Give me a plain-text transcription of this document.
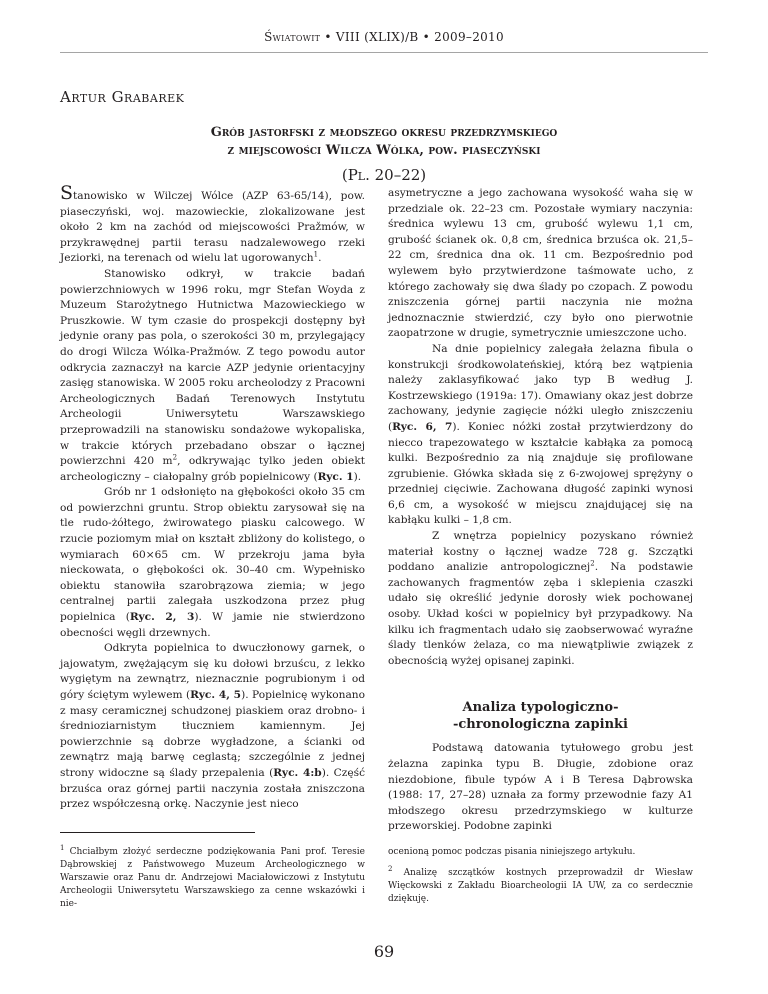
Światowit • VIII (XLIX)/B • 2009–2010
Artur Grabarek
Grób jastorfski z młodszego okresu przedrzymskiego
z miejscowości Wilcza Wólka, pow. piaseczyński
(Pl. 20–22)

Stanowisko w Wilczej Wólce (AZP 63-65/14), pow. piaseczyński, woj. mazowieckie, zlokalizowane jest około 2 km na zachód od miejscowości Pražmów, w przykrawędnej partii terasu nadzalewowego rzeki Jeziorki, na terenach od wielu lat ugorowanych$^1$.

Stanowisko odkrył, w trakcie badań powierzchniowych w 1996 roku, mgr Stefan Woyda z Muzeum Starożytnego Hutnictwa Mazowieckiego w Pruszkowie. W tym czasie do prospekcji dostępny był jedynie orany pas pola, o szerokości 30 m, przylegający do drogi Wilcza Wólka-Pražmów. Z tego powodu autor odkrycia zaznaczył na karcie AZP jedynie orientacyjny zasięg stanowiska. W 2005 roku archeolodzy z Pracowni Archeologicznych Badań Terenowych Instytutu Archeologii Uniwersytetu Warszawskiego przeprowadzili na stanowisku sondażowe wykopaliska, w trakcie których przebadano obszar o łącznej powierzchni 420 $m^2$, odkrywając tylko jeden obiekt archeologiczny – ciałopalny grób popielnicowy (Ryc. 1).

Grób nr 1 odsłonięto na głębokości około 35 cm od powierzchni gruntu. Strop obiektu zarysował się na tle rudo-żółtego, żwirowatego piasku calcowego. W rzucie poziomym miał on kształt zbliżony do kolistego, o wymiarach 60×65 cm. W przekroju jama była nieckowata, o głębokości ok. 30–40 cm. Wypełnisko obiektu stanowiła szarobrązowa ziemia; w jego centralnej partii zalegała uszkodzona przez pług popielnica (Ryc. 2, 3). W jamie nie stwierdzono obecności węgli drzewnych.

Odkryta popielnica to dwuczłonowy garnek, o jajowatym, zwężającym się ku dołowi brzuścu, z lekko wygiętym na zewnątrz, nieznacznie pogrubionym i od góry ściętym wylewem (Ryc. 4, 5). Popielnicę wykonano z masy ceramicznej schudzonej piaskiem oraz drobno- i średnioziarnistym tłuczniem kamiennym. Jej powierzchnie są dobrze wygładzone, a ścianki od zewnątrz mają barwę ceglastą; szczególnie z jednej strony widoczne są ślady przepalenia (Ryc. 4:b). Część brzuśca oraz górnej partii naczynia została zniszczona przez współczesną orkę. Naczynie jest nieco

asymetryczne a jego zachowana wysokość waha się w przedziale ok. 22–23 cm. Pozostałe wymiary naczynia: średnica wylewu 13 cm, grubość wylewu 1,1 cm, grubość ścianek ok. 0,8 cm, średnica brzuśca ok. 21,5–22 cm, średnica dna ok. 11 cm. Bezpośrednio pod wylewem było przytwierdzone taśmowate ucho, z którego zachowały się dwa ślady po czopach. Z powodu zniszczenia górnej partii naczynia nie można jednoznacznie stwierdzić, czy było ono pierwotnie zaopatrzone w drugie, symetrycznie umieszczone ucho.

Na dnie popielnicy zalegała żelazna fibula o konstrukcji środkowolateńskiej, którą bez wątpienia należy zaklasyfikować jako typ B według J. Kostrzewskiego (1919a: 17). Omawiany okaz jest dobrze zachowany, jedynie zagięcie nóżki uległo zniszczeniu (Ryc. 6, 7). Koniec nóżki został przytwierdzony do niecco trapezowatego w kształcie kabłąka za pomocą kulki. Bezpośrednio za nią znajduje się profilowane zgrubienie. Główka składa się z 6-zwojowej sprężyny o przedniej cięciwie. Zachowana długość zapinki wynosi 6,6 cm, a wysokość w miejscu znajdującej się na kabłąku kulki – 1,8 cm.

Z wnętrza popielnicy pozyskano również materiał kostny o łącznej wadze 728 g. Szczątki poddano analizie antropologicznej$^2$. Na podstawie zachowanych fragmentów zęba i sklepienia czaszki udało się określić jedynie dorosły wiek pochowanej osoby. Układ kości w popielnicy był przypadkowy. Na kilku ich fragmentach udało się zaobserwować wyraźne ślady tlenków żelaza, co ma niewątpliwie związek z obecnością wyżej opisanej zapinki.

Analiza typologiczno-
-chronologiczna zapinki

Podstawą datowania tytułowego grobu jest żelazna zapinka typu B. Długie, zdobione oraz niezdobione, fibule typów A i B Teresa Dąbrowska (1988: 17, 27–28) uznała za formy przewodnie fazy A1 młodszego okresu przedrzymskiego w kulturze przeworskiej. Podobne zapinki

$^1$ Chciałbym złożyć serdeczne podziękowania Pani prof. Teresie Dąbrowskiej z Państwowego Muzeum Archeologicznego w Warszawie oraz Panu dr. Andrzejowi Maciałowiczowi z Instytutu Archeologii Uniwersytetu Warszawskiego za cenne wskazówki i nie-

ocenioną pomoc podczas pisania niniejszego artykułu.

$^2$ Analizę szczątków kostnych przeprowadził dr Wiesław Więckowski z Zakładu Bioarcheologii IA UW, za co serdecznie dziękuję.

69
